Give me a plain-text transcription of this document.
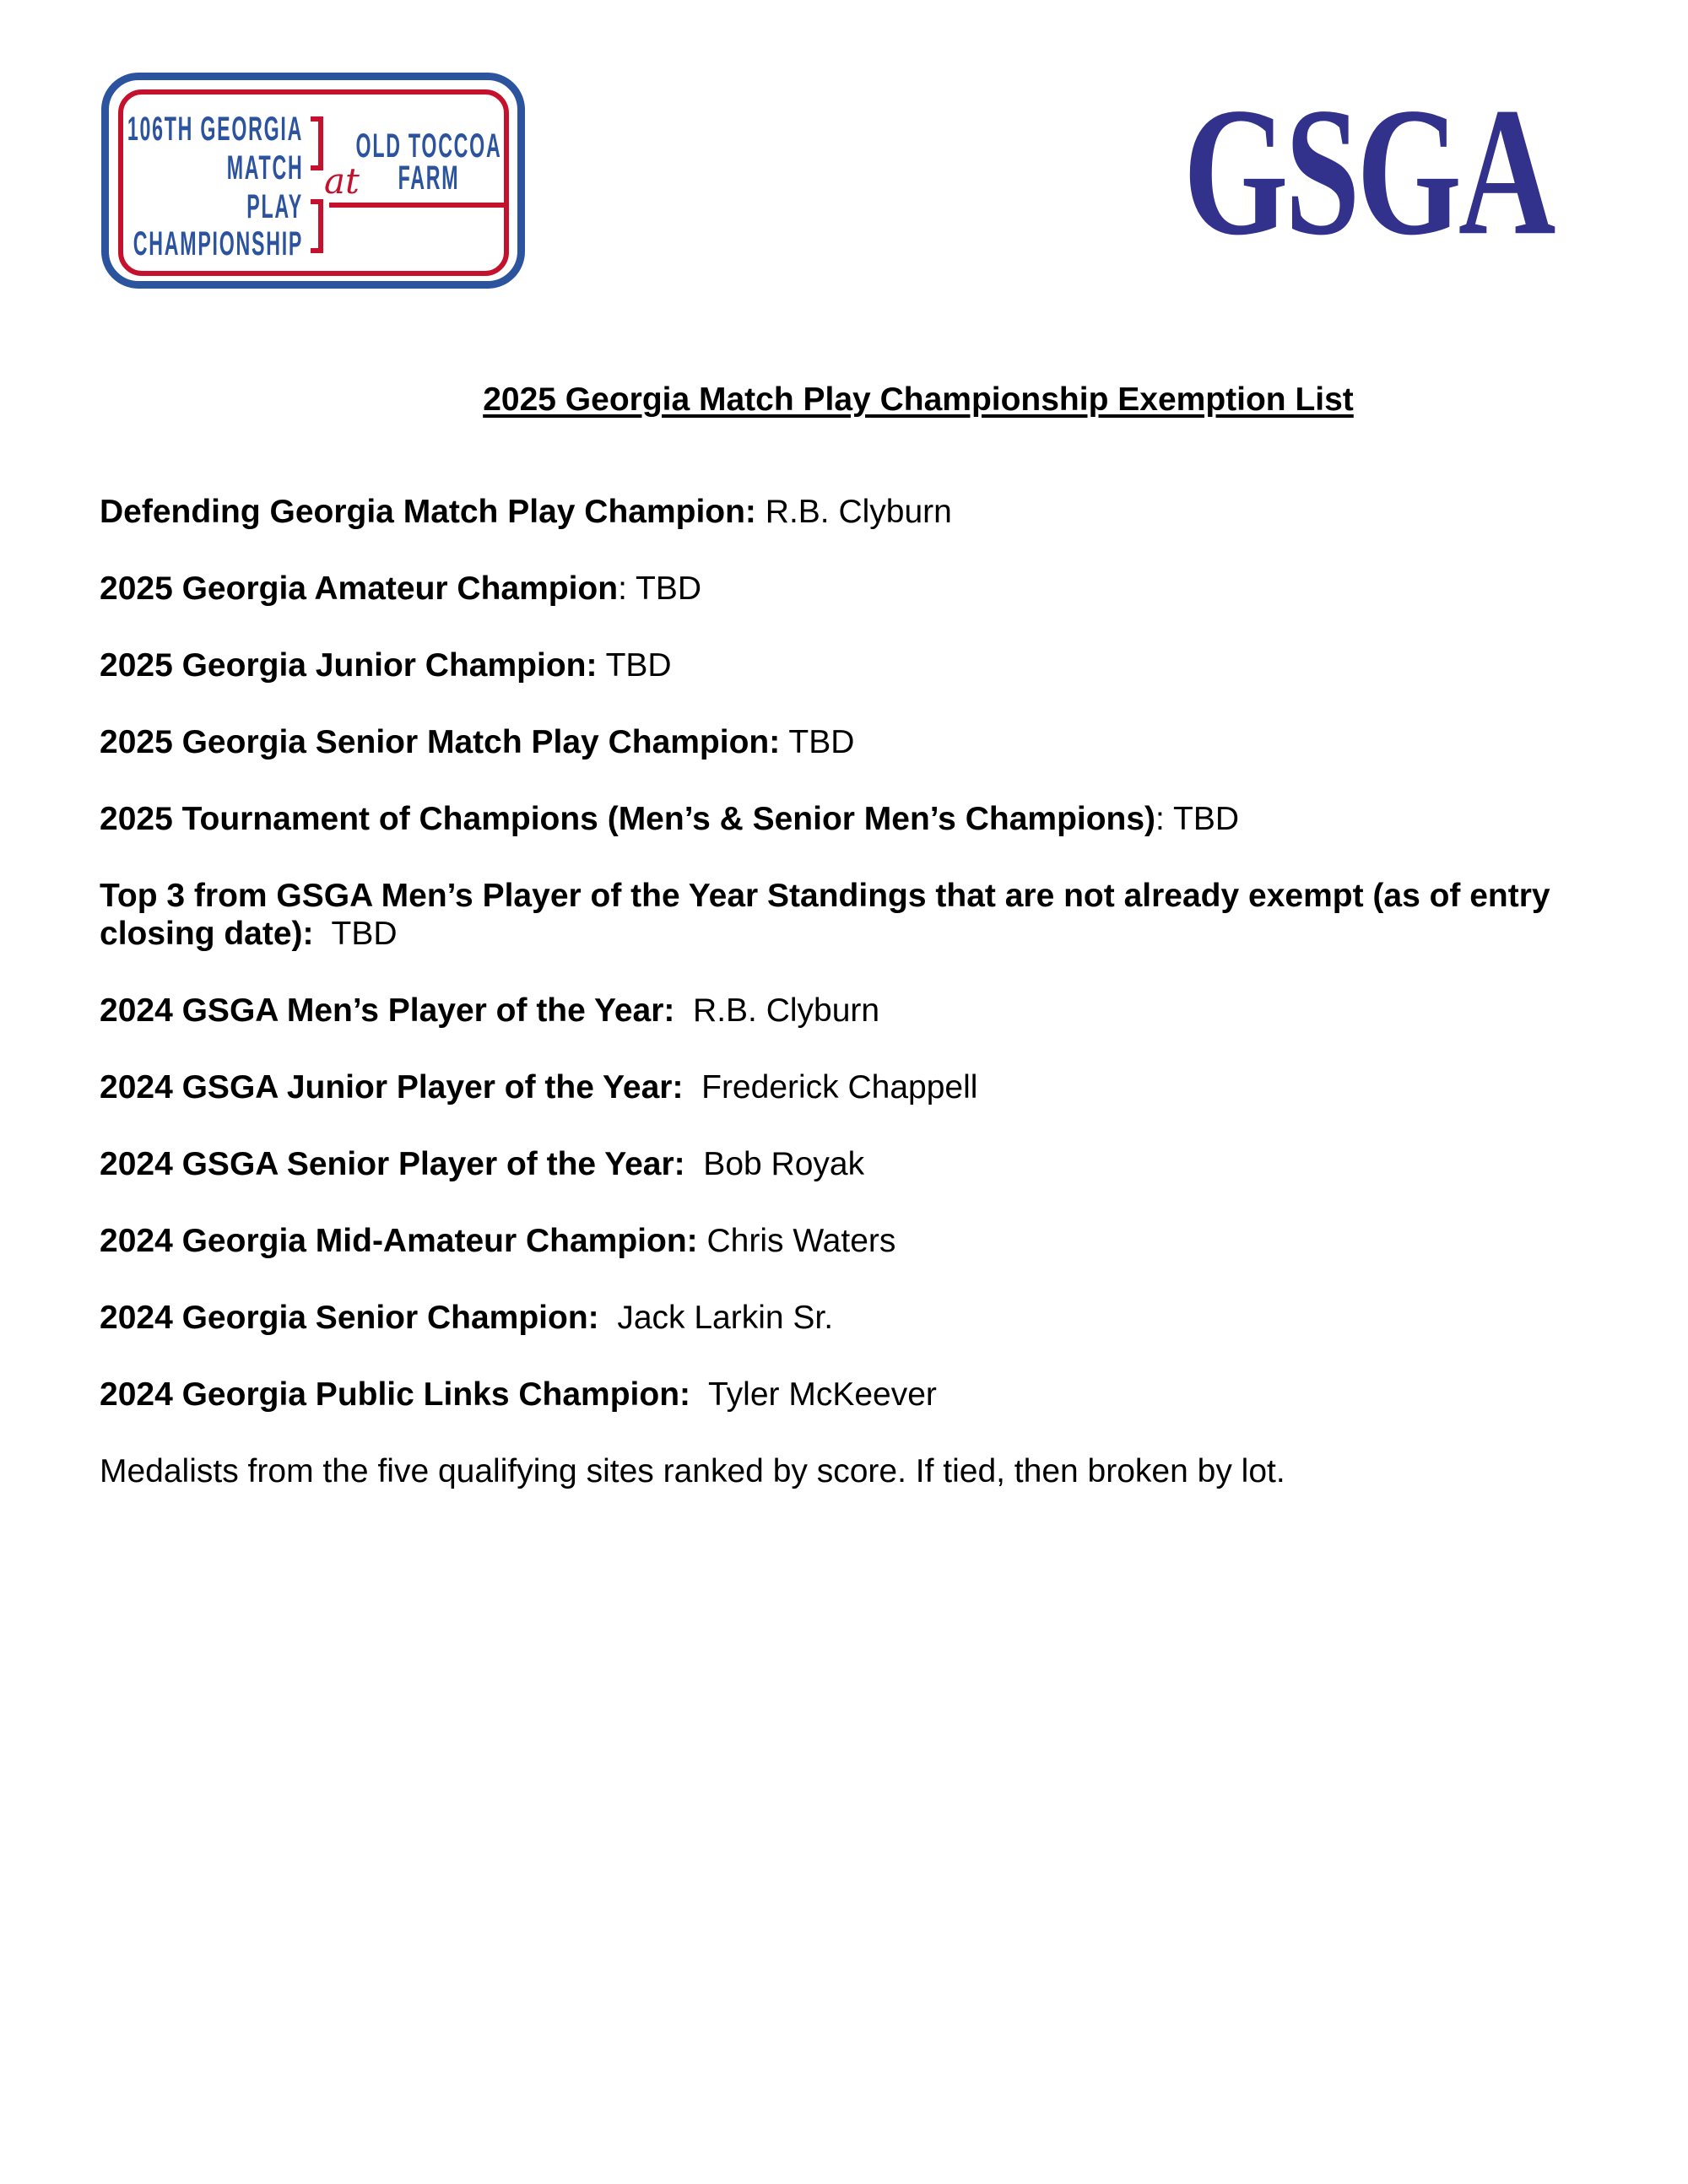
106TH GEORGIA
MATCH
PLAY
CHAMPIONSHIP
at
OLD TOCCOA
FARM	GSGA
2025 Georgia Match Play Championship Exemption List

Defending Georgia Match Play Champion: R.B. Clyburn

2025 Georgia Amateur Champion: TBD

2025 Georgia Junior Champion: TBD

2025 Georgia Senior Match Play Champion: TBD

2025 Tournament of Champions (Men’s & Senior Men’s Champions): TBD

Top 3 from GSGA Men’s Player of the Year Standings that are not already exempt (as of entry closing date):  TBD

2024 GSGA Men’s Player of the Year:  R.B. Clyburn

2024 GSGA Junior Player of the Year:  Frederick Chappell

2024 GSGA Senior Player of the Year:  Bob Royak

2024 Georgia Mid-Amateur Champion: Chris Waters

2024 Georgia Senior Champion:  Jack Larkin Sr.

2024 Georgia Public Links Champion:  Tyler McKeever

Medalists from the five qualifying sites ranked by score. If tied, then broken by lot.
